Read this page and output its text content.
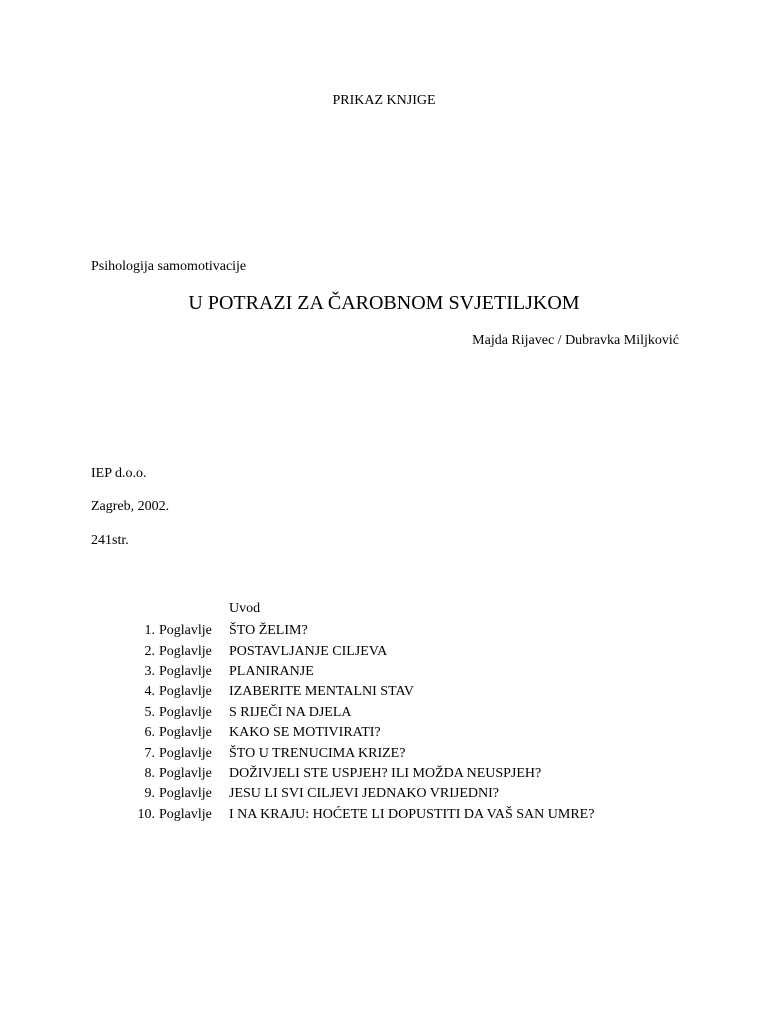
PRIKAZ KNJIGE
Psihologija samomotivacije
U POTRAZI ZA ČAROBNOM SVJETILJKOM
Majda Rijavec / Dubravka Miljković
IEP d.o.o.
Zagreb, 2002.
241str.
Uvod
1. Poglavlje	ŠTO ŽELIM?
2. Poglavlje	POSTAVLJANJE CILJEVA
3. Poglavlje	PLANIRANJE
4. Poglavlje	IZABERITE MENTALNI STAV
5. Poglavlje	S RIJEČI NA DJELA
6. Poglavlje	KAKO SE MOTIVIRATI?
7. Poglavlje	ŠTO U TRENUCIMA KRIZE?
8. Poglavlje	DOŽIVJELI STE USPJEH? ILI MOŽDA NEUSPJEH?
9. Poglavlje	JESU LI SVI CILJEVI JEDNAKO VRIJEDNI?
10. Poglavlje	I NA KRAJU: HOĆETE LI DOPUSTITI DA VAŠ SAN UMRE?
